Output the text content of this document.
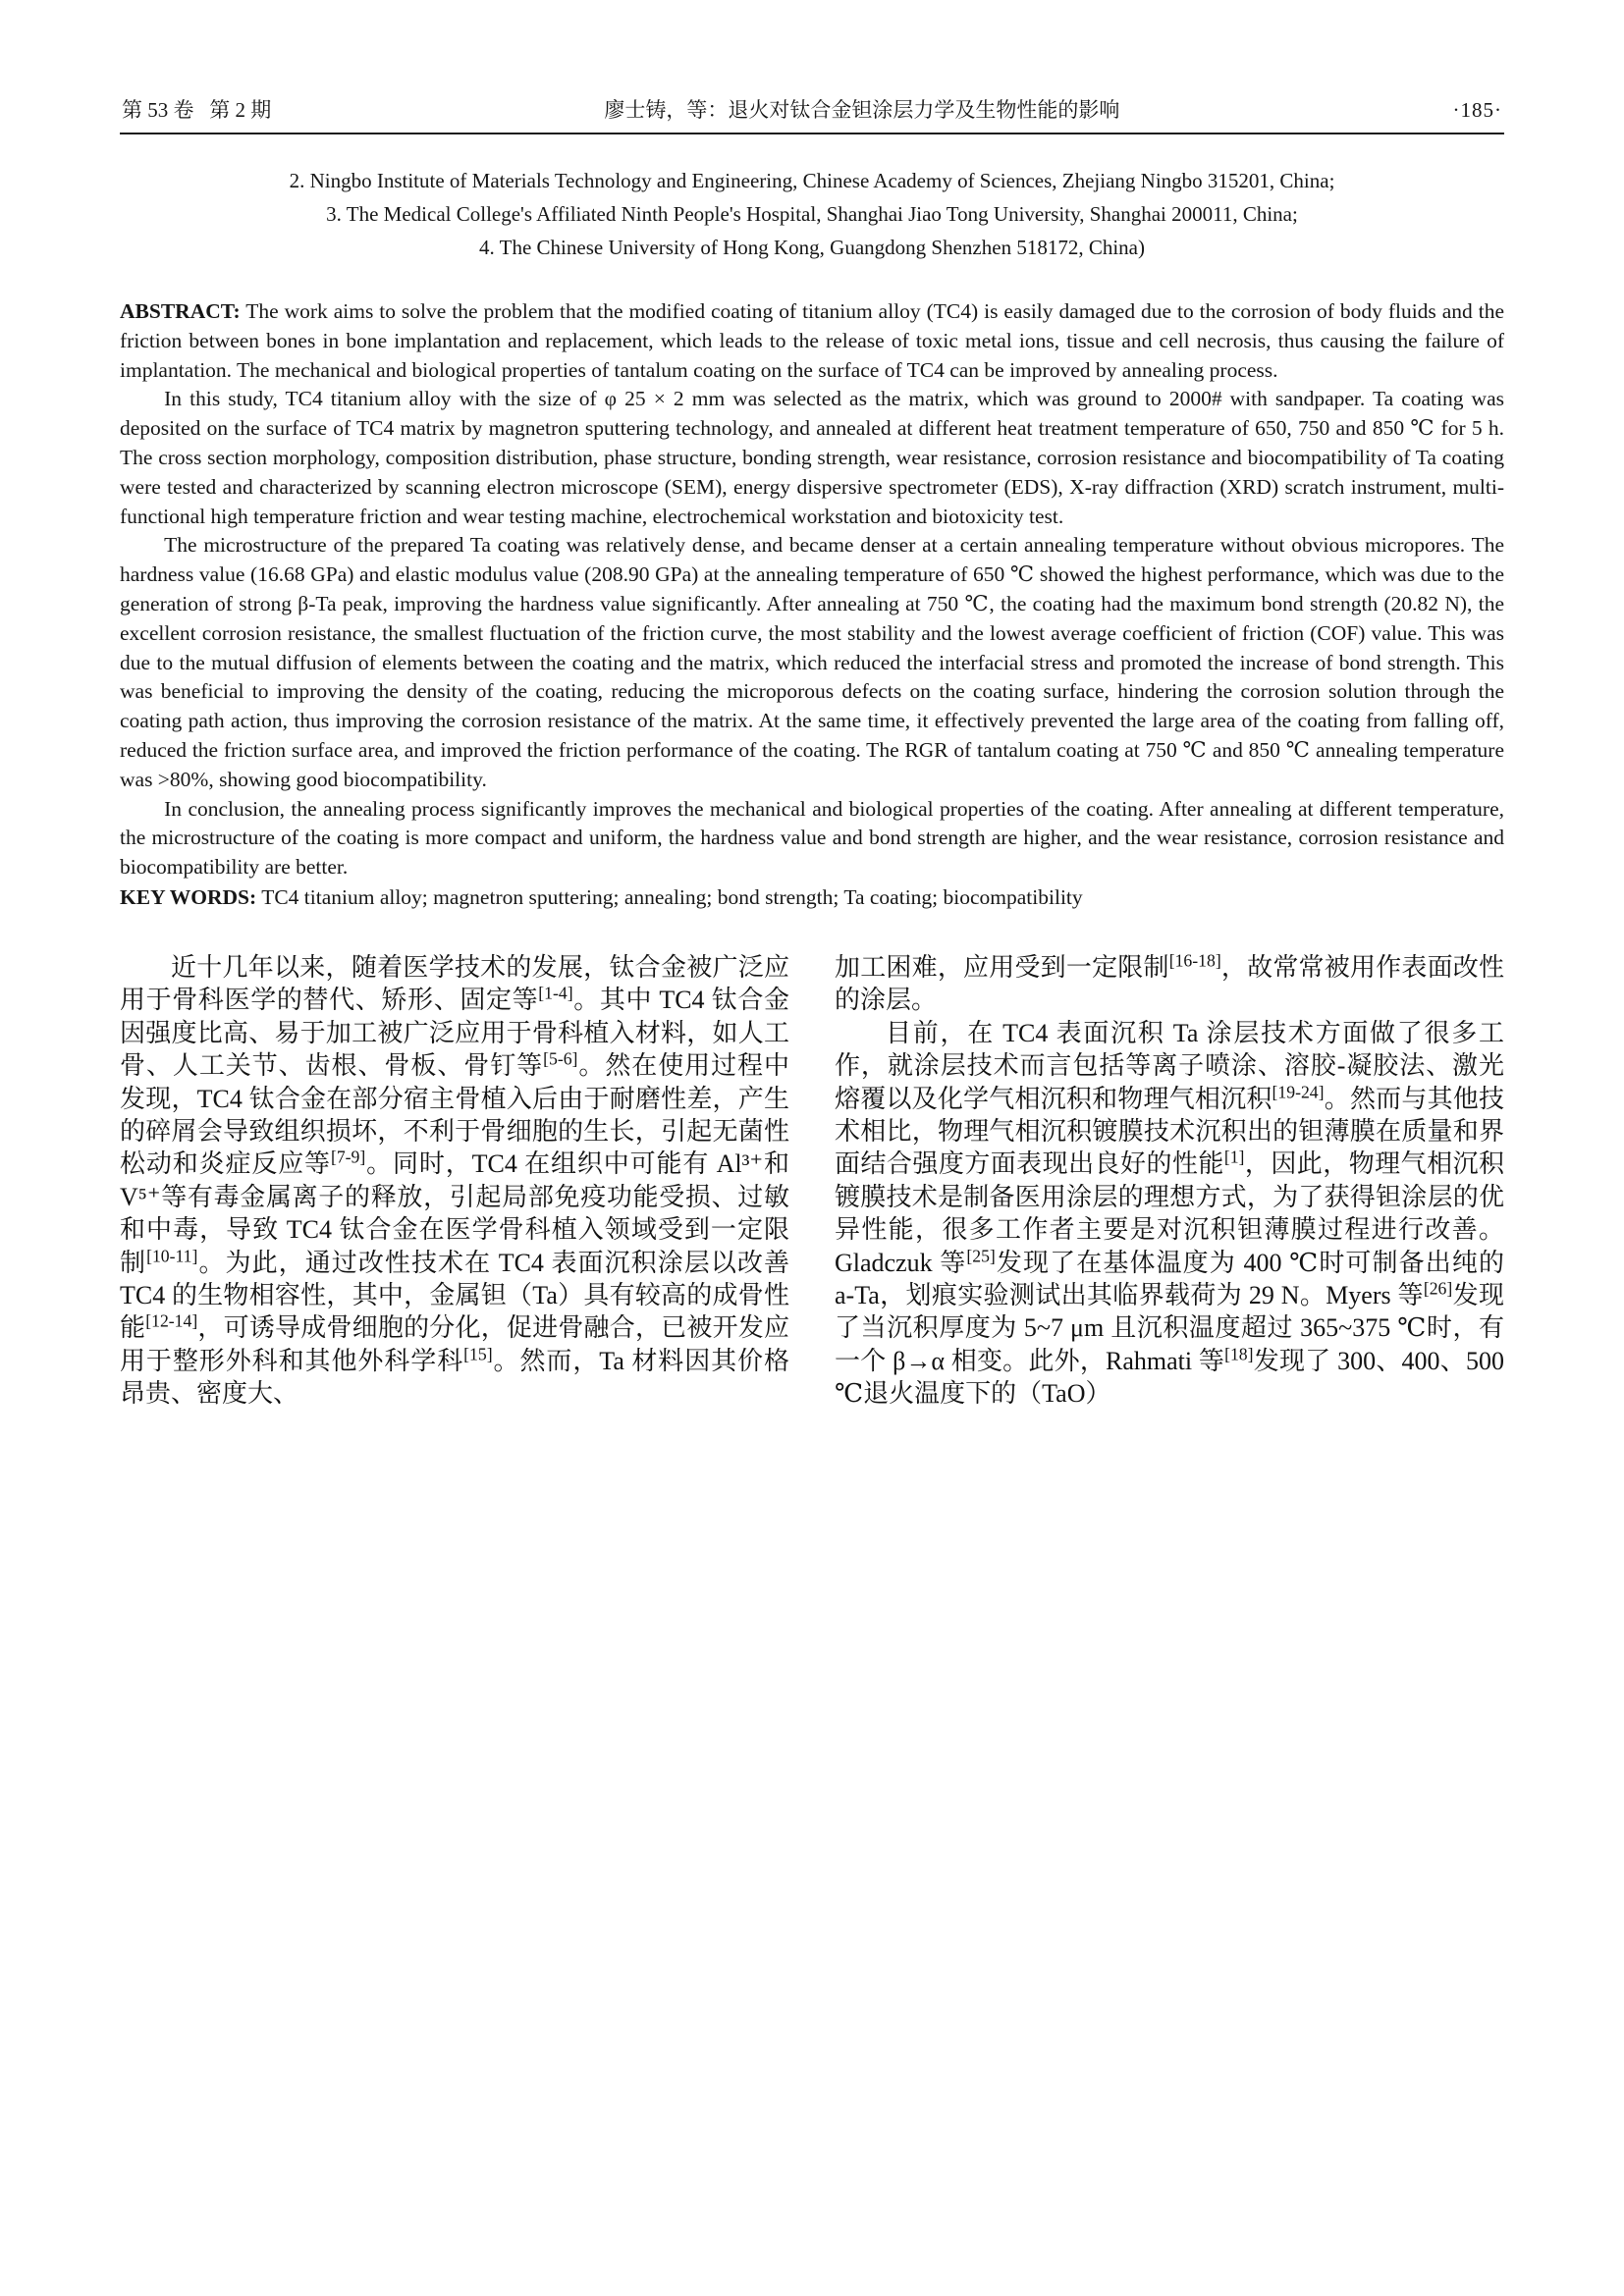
第 53 卷   第 2 期	廖士铸，等：退火对钛合金钽涂层力学及生物性能的影响	·185·
2. Ningbo Institute of Materials Technology and Engineering, Chinese Academy of Sciences, Zhejiang Ningbo 315201, China;
3. The Medical College's Affiliated Ninth People's Hospital, Shanghai Jiao Tong University, Shanghai 200011, China;
4. The Chinese University of Hong Kong, Guangdong Shenzhen 518172, China)

ABSTRACT: The work aims to solve the problem that the modified coating of titanium alloy (TC4) is easily damaged due to the corrosion of body fluids and the friction between bones in bone implantation and replacement, which leads to the release of toxic metal ions, tissue and cell necrosis, thus causing the failure of implantation. The mechanical and biological properties of tantalum coating on the surface of TC4 can be improved by annealing process.

In this study, TC4 titanium alloy with the size of φ 25 × 2 mm was selected as the matrix, which was ground to 2000# with sandpaper. Ta coating was deposited on the surface of TC4 matrix by magnetron sputtering technology, and annealed at different heat treatment temperature of 650, 750 and 850 ℃ for 5 h. The cross section morphology, composition distribution, phase structure, bonding strength, wear resistance, corrosion resistance and biocompatibility of Ta coating were tested and characterized by scanning electron microscope (SEM), energy dispersive spectrometer (EDS), X-ray diffraction (XRD) scratch instrument, multi-functional high temperature friction and wear testing machine, electrochemical workstation and biotoxicity test.

The microstructure of the prepared Ta coating was relatively dense, and became denser at a certain annealing temperature without obvious micropores. The hardness value (16.68 GPa) and elastic modulus value (208.90 GPa) at the annealing temperature of 650 ℃ showed the highest performance, which was due to the generation of strong β-Ta peak, improving the hardness value significantly. After annealing at 750 ℃, the coating had the maximum bond strength (20.82 N), the excellent corrosion resistance, the smallest fluctuation of the friction curve, the most stability and the lowest average coefficient of friction (COF) value. This was due to the mutual diffusion of elements between the coating and the matrix, which reduced the interfacial stress and promoted the increase of bond strength. This was beneficial to improving the density of the coating, reducing the microporous defects on the coating surface, hindering the corrosion solution through the coating path action, thus improving the corrosion resistance of the matrix. At the same time, it effectively prevented the large area of the coating from falling off, reduced the friction surface area, and improved the friction performance of the coating. The RGR of tantalum coating at 750 ℃ and 850 ℃ annealing temperature was >80%, showing good biocompatibility.

In conclusion, the annealing process significantly improves the mechanical and biological properties of the coating. After annealing at different temperature, the microstructure of the coating is more compact and uniform, the hardness value and bond strength are higher, and the wear resistance, corrosion resistance and biocompatibility are better.

KEY WORDS: TC4 titanium alloy; magnetron sputtering; annealing; bond strength; Ta coating; biocompatibility

近十几年以来，随着医学技术的发展，钛合金被广泛应用于骨科医学的替代、矫形、固定等[1-4]。其中 TC4 钛合金因强度比高、易于加工被广泛应用于骨科植入材料，如人工骨、人工关节、齿根、骨板、骨钉等[5-6]。然在使用过程中发现，TC4 钛合金在部分宿主骨植入后由于耐磨性差，产生的碎屑会导致组织损坏，不利于骨细胞的生长，引起无菌性松动和炎症反应等[7-9]。同时，TC4 在组织中可能有 Al³⁺和 V⁵⁺等有毒金属离子的释放，引起局部免疫功能受损、过敏和中毒，导致 TC4 钛合金在医学骨科植入领域受到一定限制[10-11]。为此，通过改性技术在 TC4 表面沉积涂层以改善 TC4 的生物相容性，其中，金属钽（Ta）具有较高的成骨性能[12-14]，可诱导成骨细胞的分化，促进骨融合，已被开发应用于整形外科和其他外科学科[15]。然而，Ta 材料因其价格昂贵、密度大、

加工困难，应用受到一定限制[16-18]，故常常被用作表面改性的涂层。

目前，在 TC4 表面沉积 Ta 涂层技术方面做了很多工作，就涂层技术而言包括等离子喷涂、溶胶-凝胶法、激光熔覆以及化学气相沉积和物理气相沉积[19-24]。然而与其他技术相比，物理气相沉积镀膜技术沉积出的钽薄膜在质量和界面结合强度方面表现出良好的性能[1]，因此，物理气相沉积镀膜技术是制备医用涂层的理想方式，为了获得钽涂层的优异性能，很多工作者主要是对沉积钽薄膜过程进行改善。Gladczuk 等[25]发现了在基体温度为 400 ℃时可制备出纯的 a-Ta，划痕实验测试出其临界载荷为 29 N。Myers 等[26]发现了当沉积厚度为 5~7 μm 且沉积温度超过 365~375 ℃时，有一个 β→α 相变。此外，Rahmati 等[18]发现了 300、400、500 ℃退火温度下的（TaO）
